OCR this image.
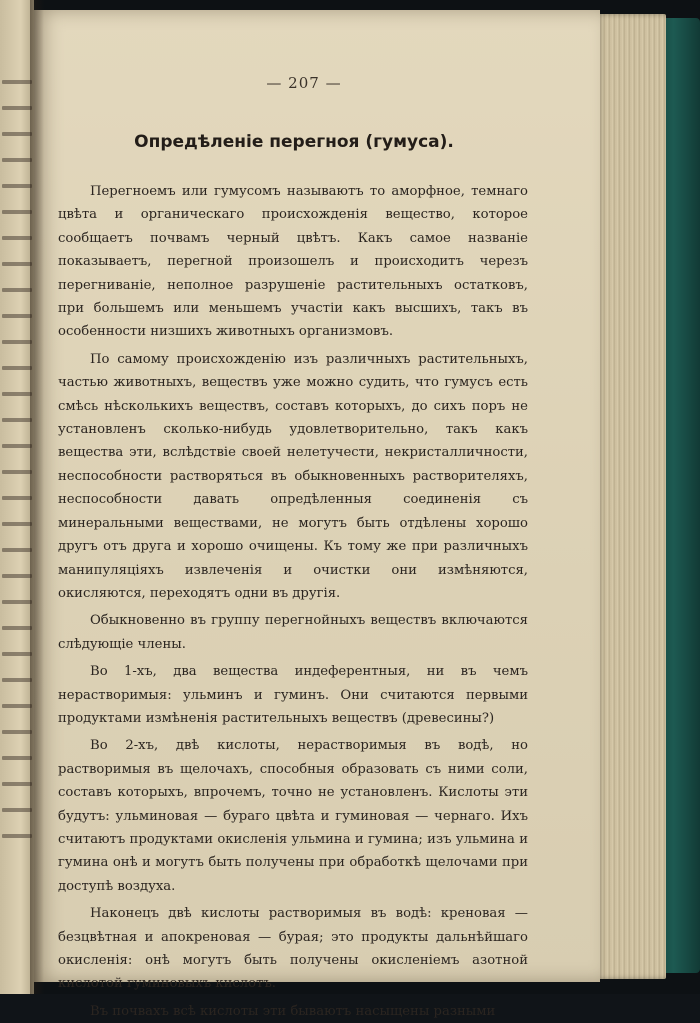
— 207 —
Опредѣленіе перегноя (гумуса).

Перегноемъ или гумусомъ называютъ то аморфное, темнаго цвѣта и органическаго происхожденія вещество, которое сообщаетъ почвамъ черный цвѣтъ. Какъ самое названіе показываетъ, перегной произошелъ и происходитъ черезъ перегниваніе, неполное разрушеніе растительныхъ остатковъ, при большемъ или меньшемъ участіи какъ высшихъ, такъ въ особенности низшихъ животныхъ организмовъ.

По самому происхожденію изъ различныхъ растительныхъ, частью животныхъ, веществъ уже можно судить, что гумусъ есть смѣсь нѣсколькихъ веществъ, составъ которыхъ, до сихъ поръ не установленъ сколько-нибудь удовлетворительно, такъ какъ вещества эти, вслѣдствіе своей нелетучести, некристалличности, неспособности растворяться въ обыкновенныхъ растворителяхъ, неспособности давать опредѣленныя соединенія съ минеральными веществами, не могутъ быть отдѣлены хорошо другъ отъ друга и хорошо очищены. Къ тому же при различныхъ манипуляціяхъ извлеченія и очистки они измѣняются, окисляются, переходятъ одни въ другія.

Обыкновенно въ группу перегнойныхъ веществъ включаются слѣдующіе члены.

Во 1-хъ, два вещества индеферентныя, ни въ чемъ нерастворимыя: ульминъ и гуминъ. Они считаются первыми продуктами измѣненія растительныхъ веществъ (древесины?)

Во 2-хъ, двѣ кислоты, нерастворимыя въ водѣ, но растворимыя въ щелочахъ, способныя образовать съ ними соли, составъ которыхъ, впрочемъ, точно не установленъ. Кислоты эти будутъ: ульминовая — бураго цвѣта и гуминовая — чернаго. Ихъ считаютъ продуктами окисленія ульмина и гумина; изъ ульмина и гумина онѣ и могутъ быть получены при обработкѣ щелочами при доступѣ воздуха.

Наконецъ двѣ кислоты растворимыя въ водѣ: креновая — безцвѣтная и апокреновая — бурая; это продукты дальнѣйшаго окисленія: онѣ могутъ быть получены окисленіемъ азотной кислотой гуминовыхъ кислотъ.

Въ почвахъ всѣ кислоты эти бываютъ насыщены разными
